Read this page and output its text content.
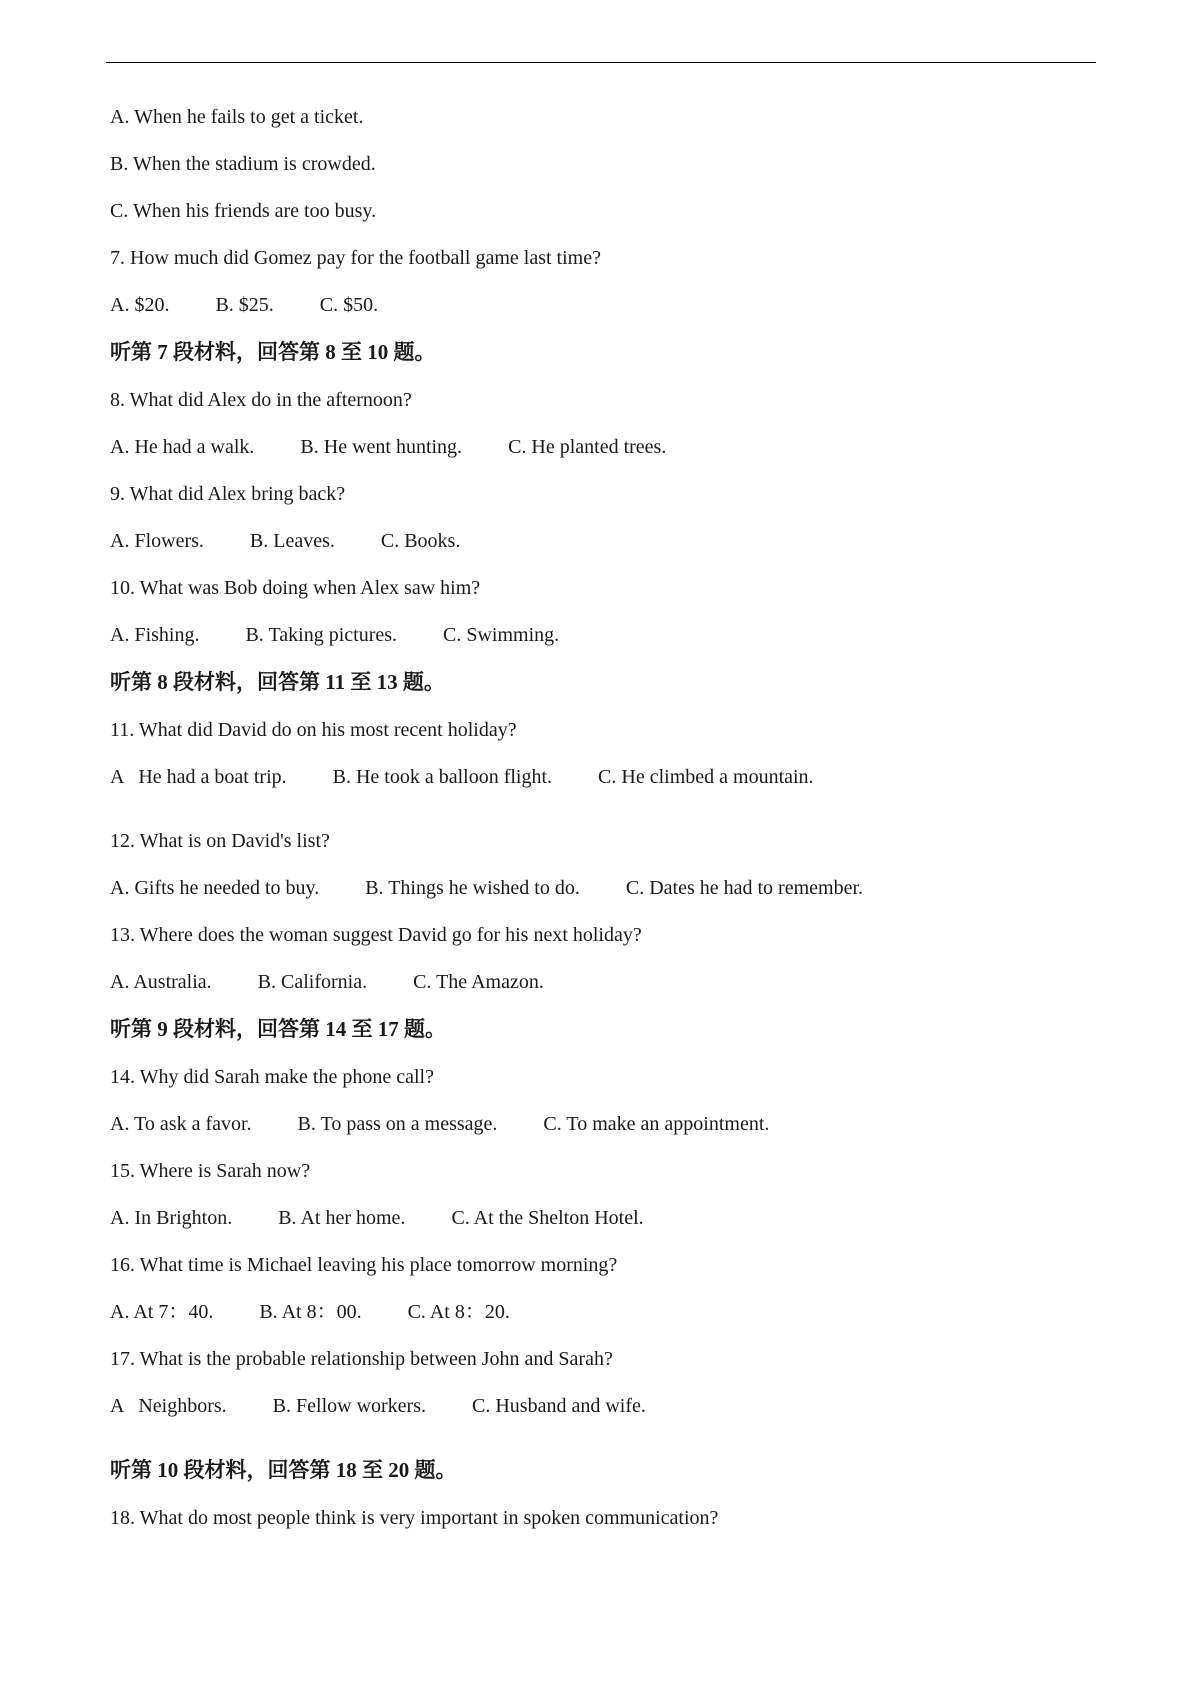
A. When he fails to get a ticket.
B. When the stadium is crowded.
C. When his friends are too busy.
7. How much did Gomez pay for the football game last time?
A. $20. B. $25. C. $50.
听第 7 段材料，回答第 8 至 10 题。
8. What did Alex do in the afternoon?
A. He had a walk. B. He went hunting. C. He planted trees.
9. What did Alex bring back?
A. Flowers. B. Leaves. C. Books.
10. What was Bob doing when Alex saw him?
A. Fishing. B. Taking pictures. C. Swimming.
听第 8 段材料，回答第 11 至 13 题。
11. What did David do on his most recent holiday?
A   He had a boat trip. B. He took a balloon flight. C. He climbed a mountain.
12. What is on David's list?
A. Gifts he needed to buy. B. Things he wished to do. C. Dates he had to remember.
13. Where does the woman suggest David go for his next holiday?
A. Australia. B. California. C. The Amazon.
听第 9 段材料，回答第 14 至 17 题。
14. Why did Sarah make the phone call?
A. To ask a favor. B. To pass on a message. C. To make an appointment.
15. Where is Sarah now?
A. In Brighton. B. At her home. C. At the Shelton Hotel.
16. What time is Michael leaving his place tomorrow morning?
A. At 7：40. B. At 8：00. C. At 8：20.
17. What is the probable relationship between John and Sarah?
A   Neighbors. B. Fellow workers. C. Husband and wife.
听第 10 段材料，回答第 18 至 20 题。
18. What do most people think is very important in spoken communication?
